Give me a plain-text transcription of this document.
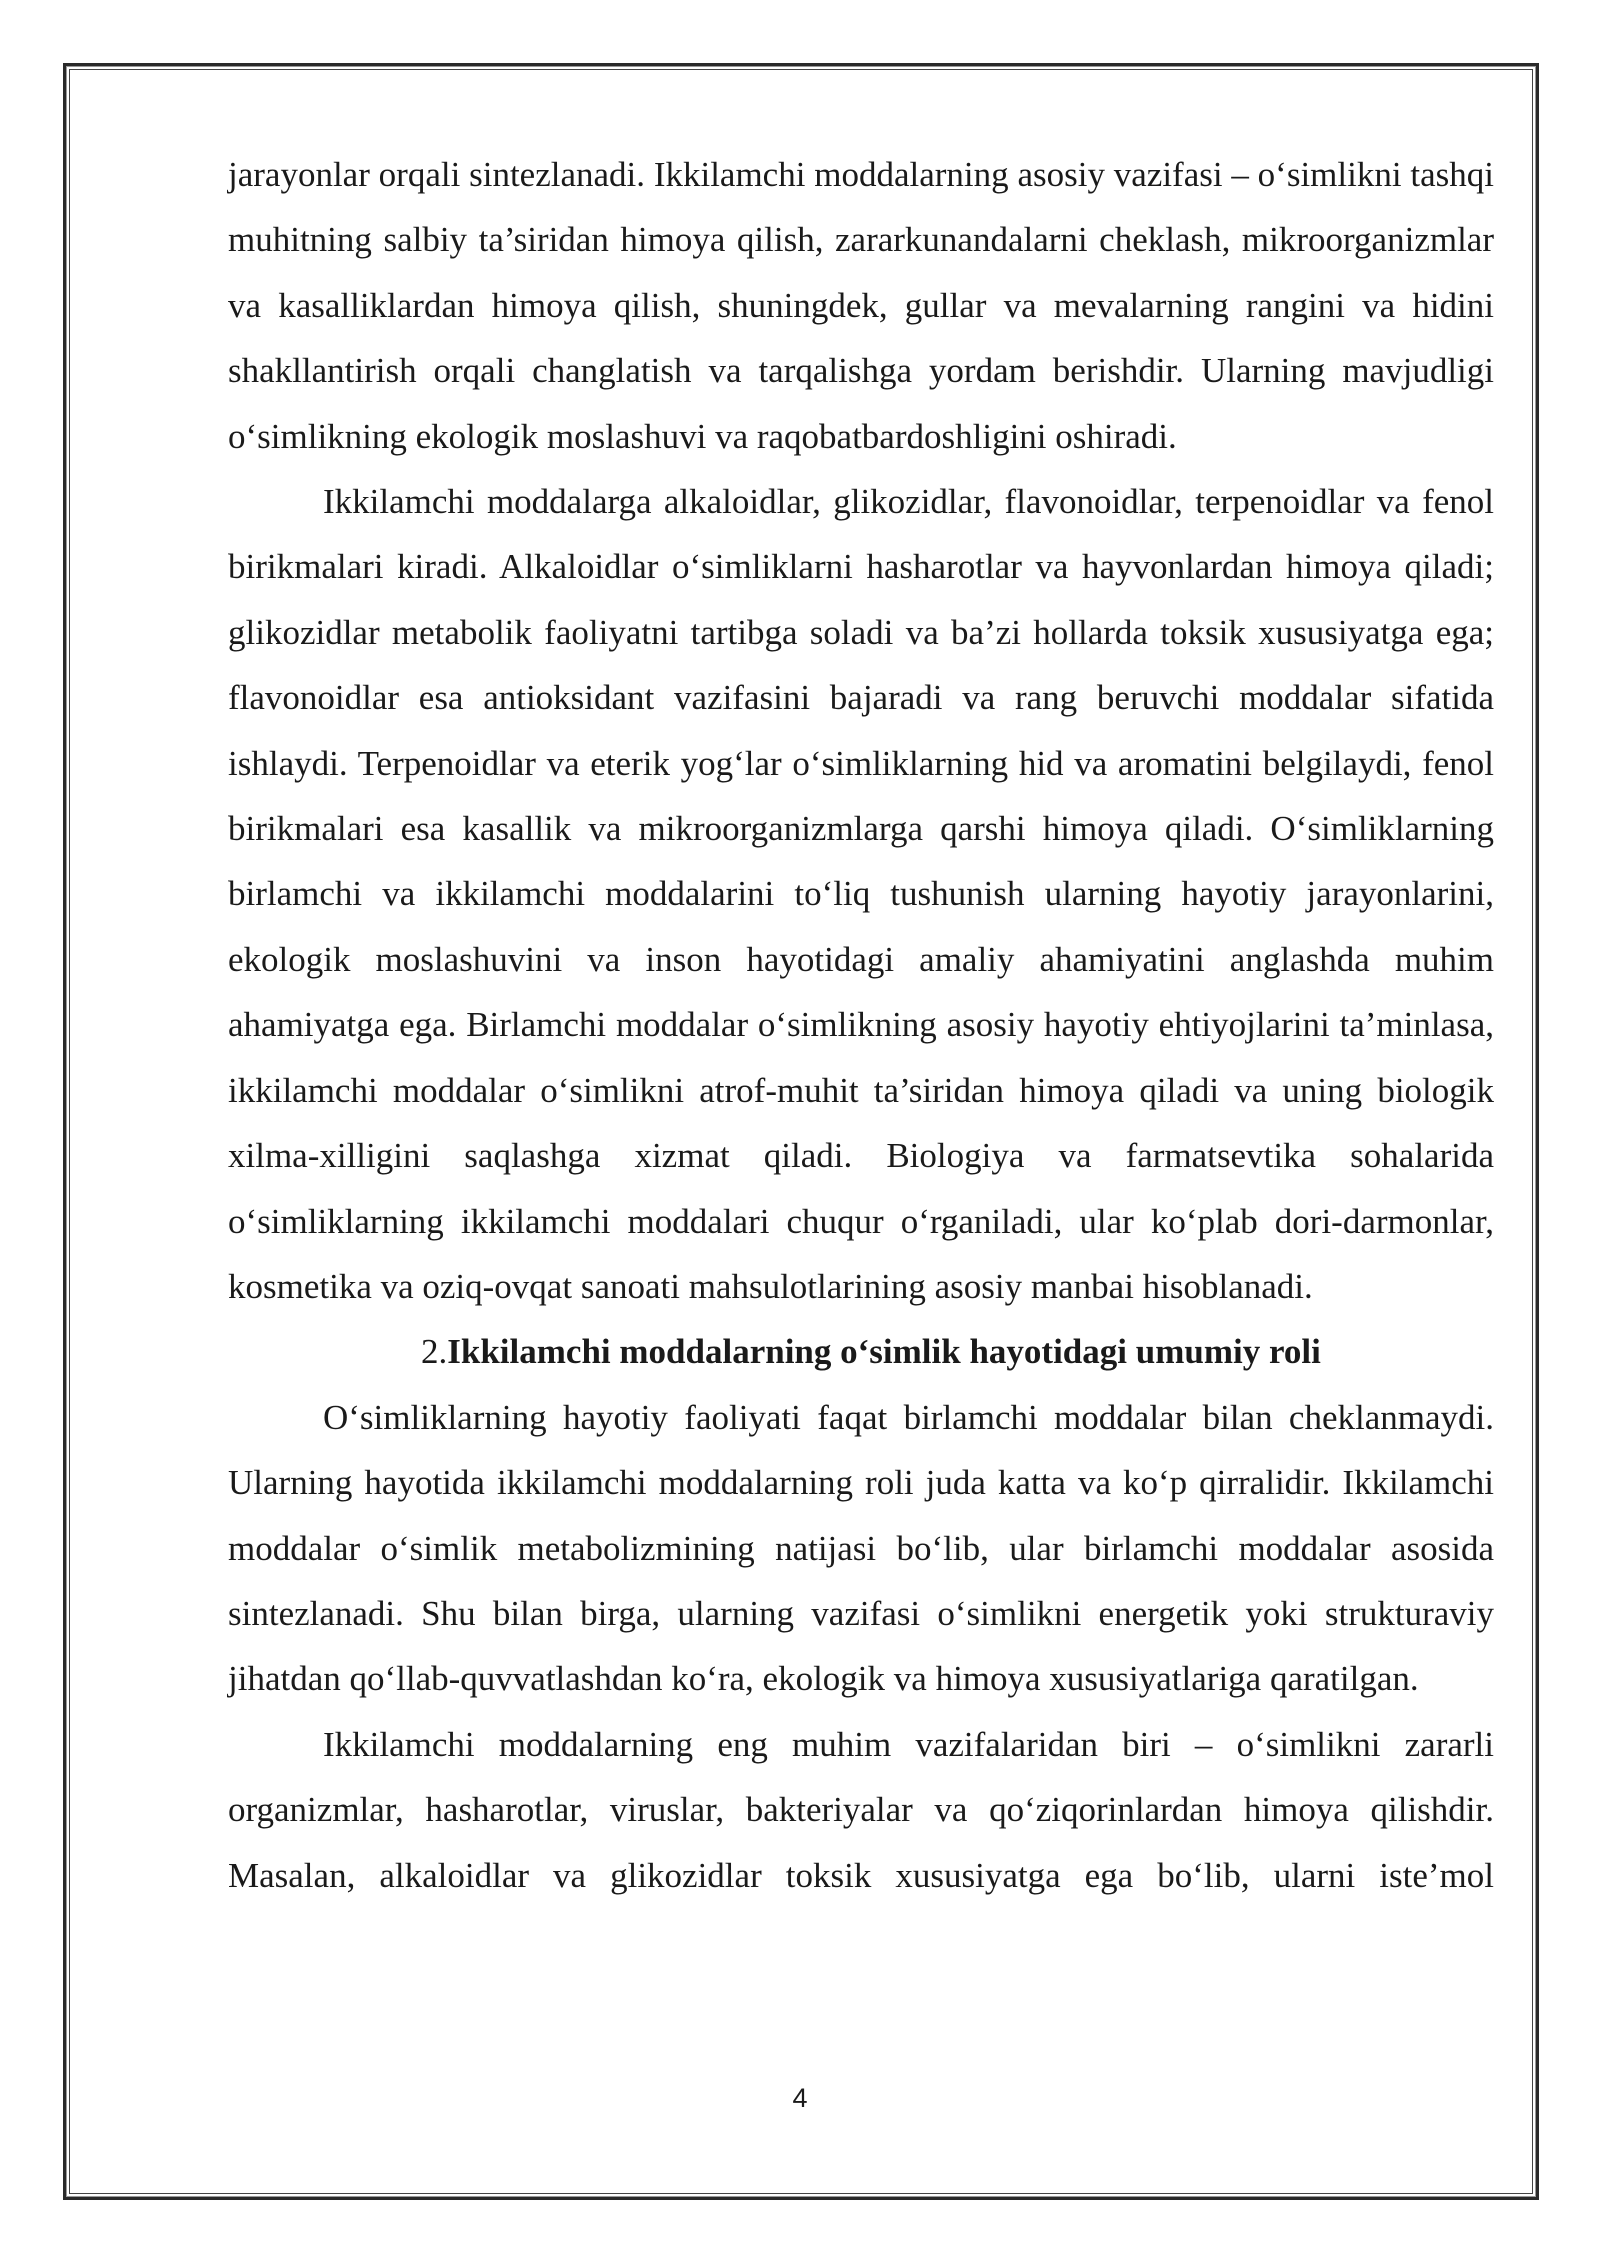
jarayonlar orqali sintezlanadi. Ikkilamchi moddalarning asosiy vazifasi – o‘simlikni tashqi muhitning salbiy ta’siridan himoya qilish, zararkunandalarni cheklash, mikroorganizmlar va kasalliklardan himoya qilish, shuningdek, gullar va mevalarning rangini va hidini shakllantirish orqali changlatish va tarqalishga yordam berishdir. Ularning mavjudligi o‘simlikning ekologik moslashuvi va raqobatbardoshligini oshiradi.

Ikkilamchi moddalarga alkaloidlar, glikozidlar, flavonoidlar, terpenoidlar va fenol birikmalari kiradi. Alkaloidlar o‘simliklarni hasharotlar va hayvonlardan himoya qiladi; glikozidlar metabolik faoliyatni tartibga soladi va ba’zi hollarda toksik xususiyatga ega; flavonoidlar esa antioksidant vazifasini bajaradi va rang beruvchi moddalar sifatida ishlaydi. Terpenoidlar va eterik yog‘lar o‘simliklarning hid va aromatini belgilaydi, fenol birikmalari esa kasallik va mikroorganizmlarga qarshi himoya qiladi. O‘simliklarning birlamchi va ikkilamchi moddalarini to‘liq tushunish ularning hayotiy jarayonlarini, ekologik moslashuvini va inson hayotidagi amaliy ahamiyatini anglashda muhim ahamiyatga ega. Birlamchi moddalar o‘simlikning asosiy hayotiy ehtiyojlarini ta’minlasa, ikkilamchi moddalar o‘simlikni atrof-muhit ta’siridan himoya qiladi va uning biologik xilma-xilligini saqlashga xizmat qiladi. Biologiya va farmatsevtika sohalarida o‘simliklarning ikkilamchi moddalari chuqur o‘rganiladi, ular ko‘plab dori-darmonlar, kosmetika va oziq-ovqat sanoati mahsulotlarining asosiy manbai hisoblanadi.

2.Ikkilamchi moddalarning o‘simlik hayotidagi umumiy roli

O‘simliklarning hayotiy faoliyati faqat birlamchi moddalar bilan cheklanmaydi. Ularning hayotida ikkilamchi moddalarning roli juda katta va ko‘p qirralidir. Ikkilamchi moddalar o‘simlik metabolizmining natijasi bo‘lib, ular birlamchi moddalar asosida sintezlanadi. Shu bilan birga, ularning vazifasi o‘simlikni energetik yoki strukturaviy jihatdan qo‘llab-quvvatlashdan ko‘ra, ekologik va himoya xususiyatlariga qaratilgan.

Ikkilamchi moddalarning eng muhim vazifalaridan biri – o‘simlikni zararli organizmlar, hasharotlar, viruslar, bakteriyalar va qo‘ziqorinlardan himoya qilishdir. Masalan, alkaloidlar va glikozidlar toksik xususiyatga ega bo‘lib, ularni iste’mol

4
